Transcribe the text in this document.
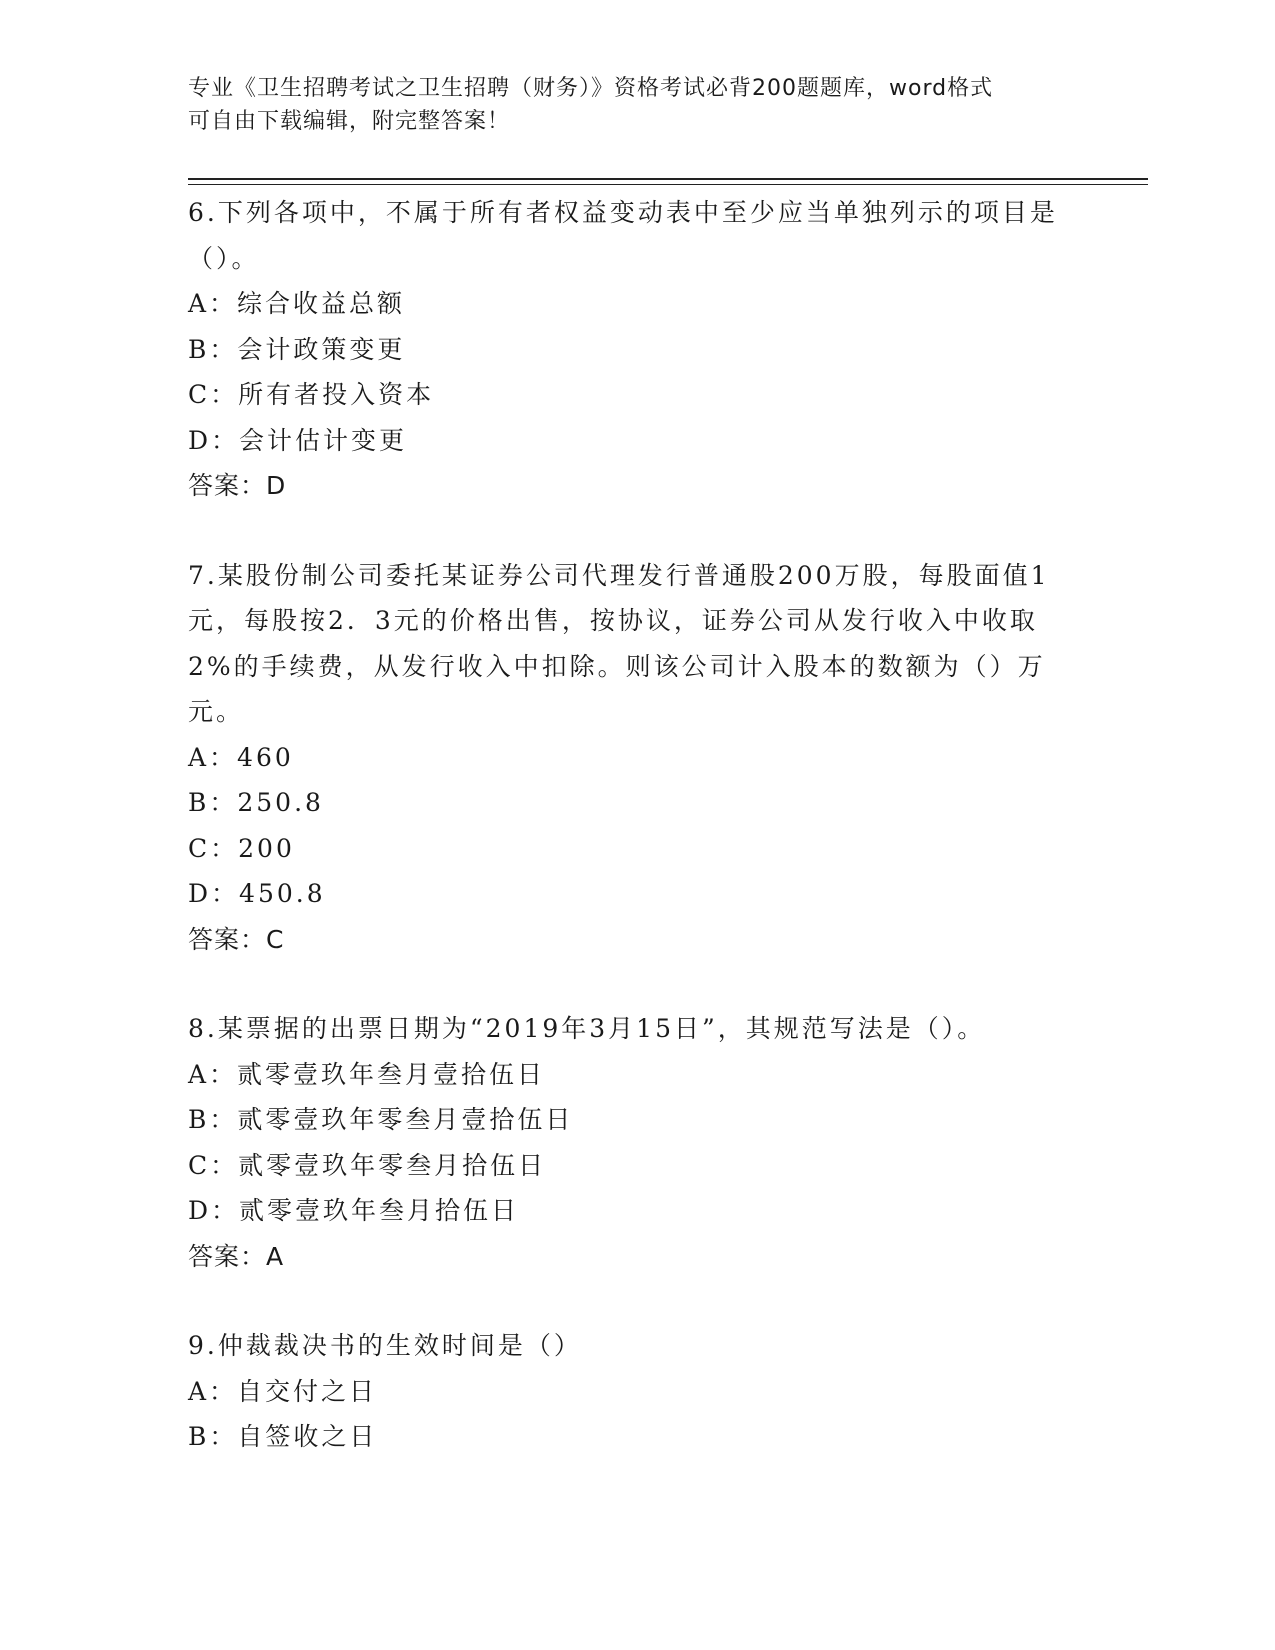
专业《卫生招聘考试之卫生招聘（财务）》资格考试必背200题题库，word格式
可自由下载编辑，附完整答案！

6.下列各项中，不属于所有者权益变动表中至少应当单独列示的项目是（）。

A：综合收益总额

B：会计政策变更

C：所有者投入资本

D：会计估计变更

答案：D

7.某股份制公司委托某证券公司代理发行普通股200万股，每股面值1元，每股按2．3元的价格出售，按协议，证券公司从发行收入中收取2%的手续费，从发行收入中扣除。则该公司计入股本的数额为（）万元。

A：460

B：250.8

C：200

D：450.8

答案：C

8.某票据的出票日期为“2019年3月15日”，其规范写法是（）。

A：贰零壹玖年叁月壹拾伍日

B：贰零壹玖年零叁月壹拾伍日

C：贰零壹玖年零叁月拾伍日

D：贰零壹玖年叁月拾伍日

答案：A

9.仲裁裁决书的生效时间是（）

A：自交付之日

B：自签收之日
